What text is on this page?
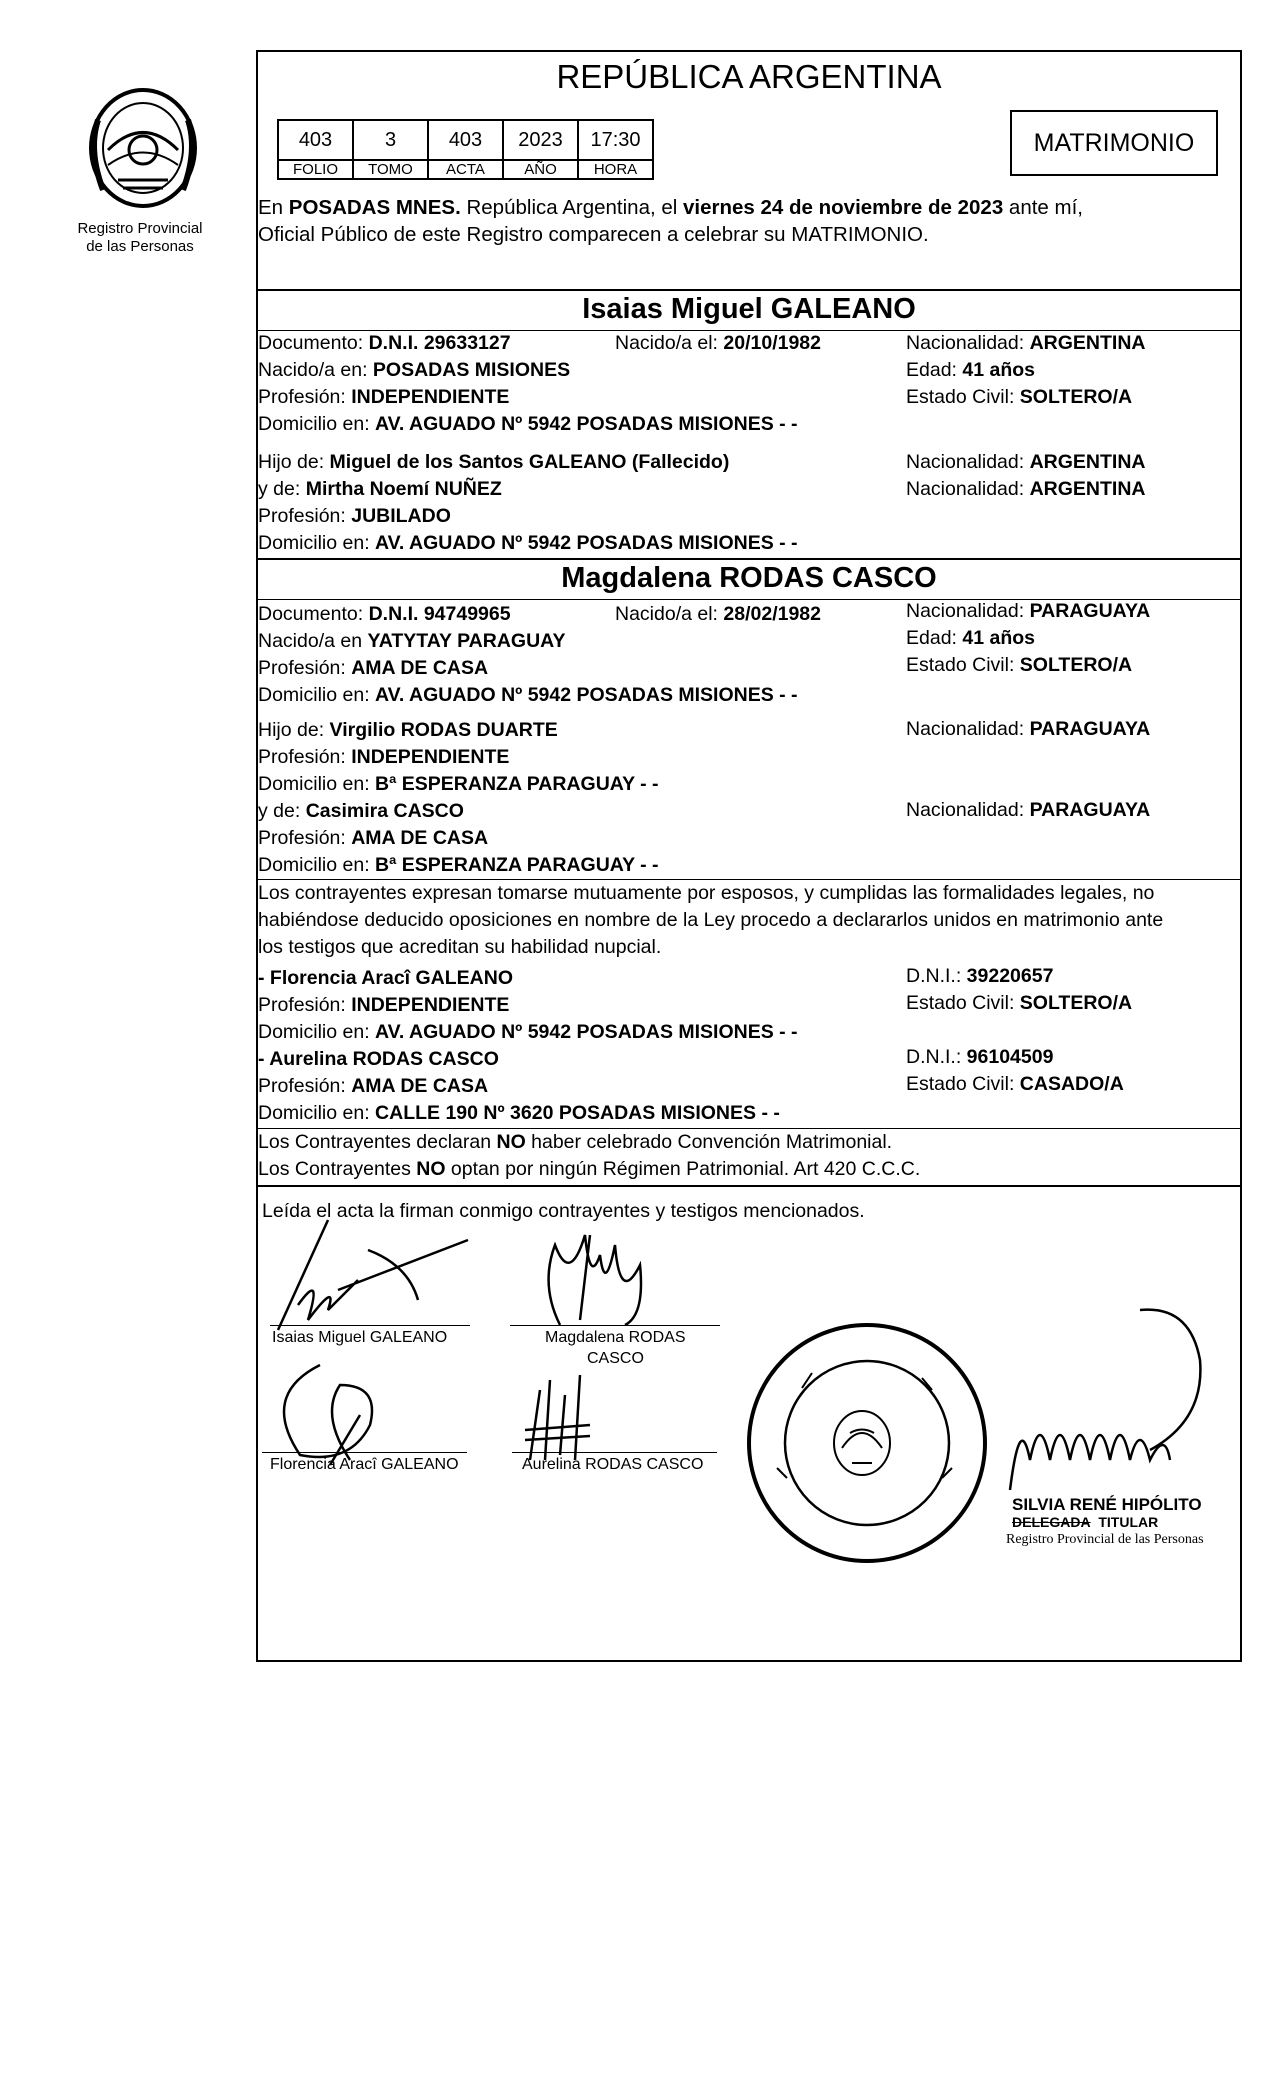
Registro Provincial
de las Personas
REPÚBLICA ARGENTINA
403	3	403	2023	17:30
FOLIO	TOMO	ACTA	AÑO	HORA
MATRIMONIO
En POSADAS MNES. República Argentina, el viernes 24 de noviembre de 2023 ante mí,
Oficial Público de este Registro comparecen a celebrar su MATRIMONIO.
Isaias Miguel GALEANO
Documento: D.N.I. 29633127	Nacido/a el: 20/10/1982	Nacionalidad: ARGENTINA
Nacido/a en: POSADAS MISIONES	Edad: 41 años
Profesión: INDEPENDIENTE	Estado Civil: SOLTERO/A
Domicilio en: AV. AGUADO Nº 5942 POSADAS MISIONES - -
Hijo de: Miguel de los Santos GALEANO (Fallecido)	Nacionalidad: ARGENTINA
y de: Mirtha Noemí NUÑEZ	Nacionalidad: ARGENTINA
Profesión: JUBILADO
Domicilio en: AV. AGUADO Nº 5942 POSADAS MISIONES - -
Magdalena RODAS CASCO
Documento: D.N.I. 94749965	Nacido/a el: 28/02/1982	Nacionalidad: PARAGUAYA
Nacido/a en YATYTAY PARAGUAY	Edad: 41 años
Profesión: AMA DE CASA	Estado Civil: SOLTERO/A
Domicilio en: AV. AGUADO Nº 5942 POSADAS MISIONES - -
Hijo de: Virgilio RODAS DUARTE	Nacionalidad: PARAGUAYA
Profesión: INDEPENDIENTE
Domicilio en: Bª ESPERANZA PARAGUAY - -
y de: Casimira CASCO	Nacionalidad: PARAGUAYA
Profesión: AMA DE CASA
Domicilio en: Bª ESPERANZA PARAGUAY - -
Los contrayentes expresan tomarse mutuamente por esposos, y cumplidas las formalidades legales, no
habiéndose deducido oposiciones en nombre de la Ley procedo a declararlos unidos en matrimonio ante
los testigos que acreditan su habilidad nupcial.
- Florencia Aracî GALEANO	D.N.I.: 39220657
Profesión: INDEPENDIENTE	Estado Civil: SOLTERO/A
Domicilio en: AV. AGUADO Nº 5942 POSADAS MISIONES - -
- Aurelina RODAS CASCO	D.N.I.: 96104509
Profesión: AMA DE CASA	Estado Civil: CASADO/A
Domicilio en: CALLE 190 Nº 3620 POSADAS MISIONES - -
Los Contrayentes declaran NO haber celebrado Convención Matrimonial.
Los Contrayentes NO optan por ningún Régimen Patrimonial. Art 420 C.C.C.
Leída el acta la firman conmigo contrayentes y testigos mencionados.
Isaias Miguel GALEANO	Magdalena RODAS
CASCO
Florencia Aracî GALEANO	Aurelina RODAS CASCO
SILVIA RENÉ HIPÓLITO
DELEGADA TITULAR
Registro Provincial de las Personas
